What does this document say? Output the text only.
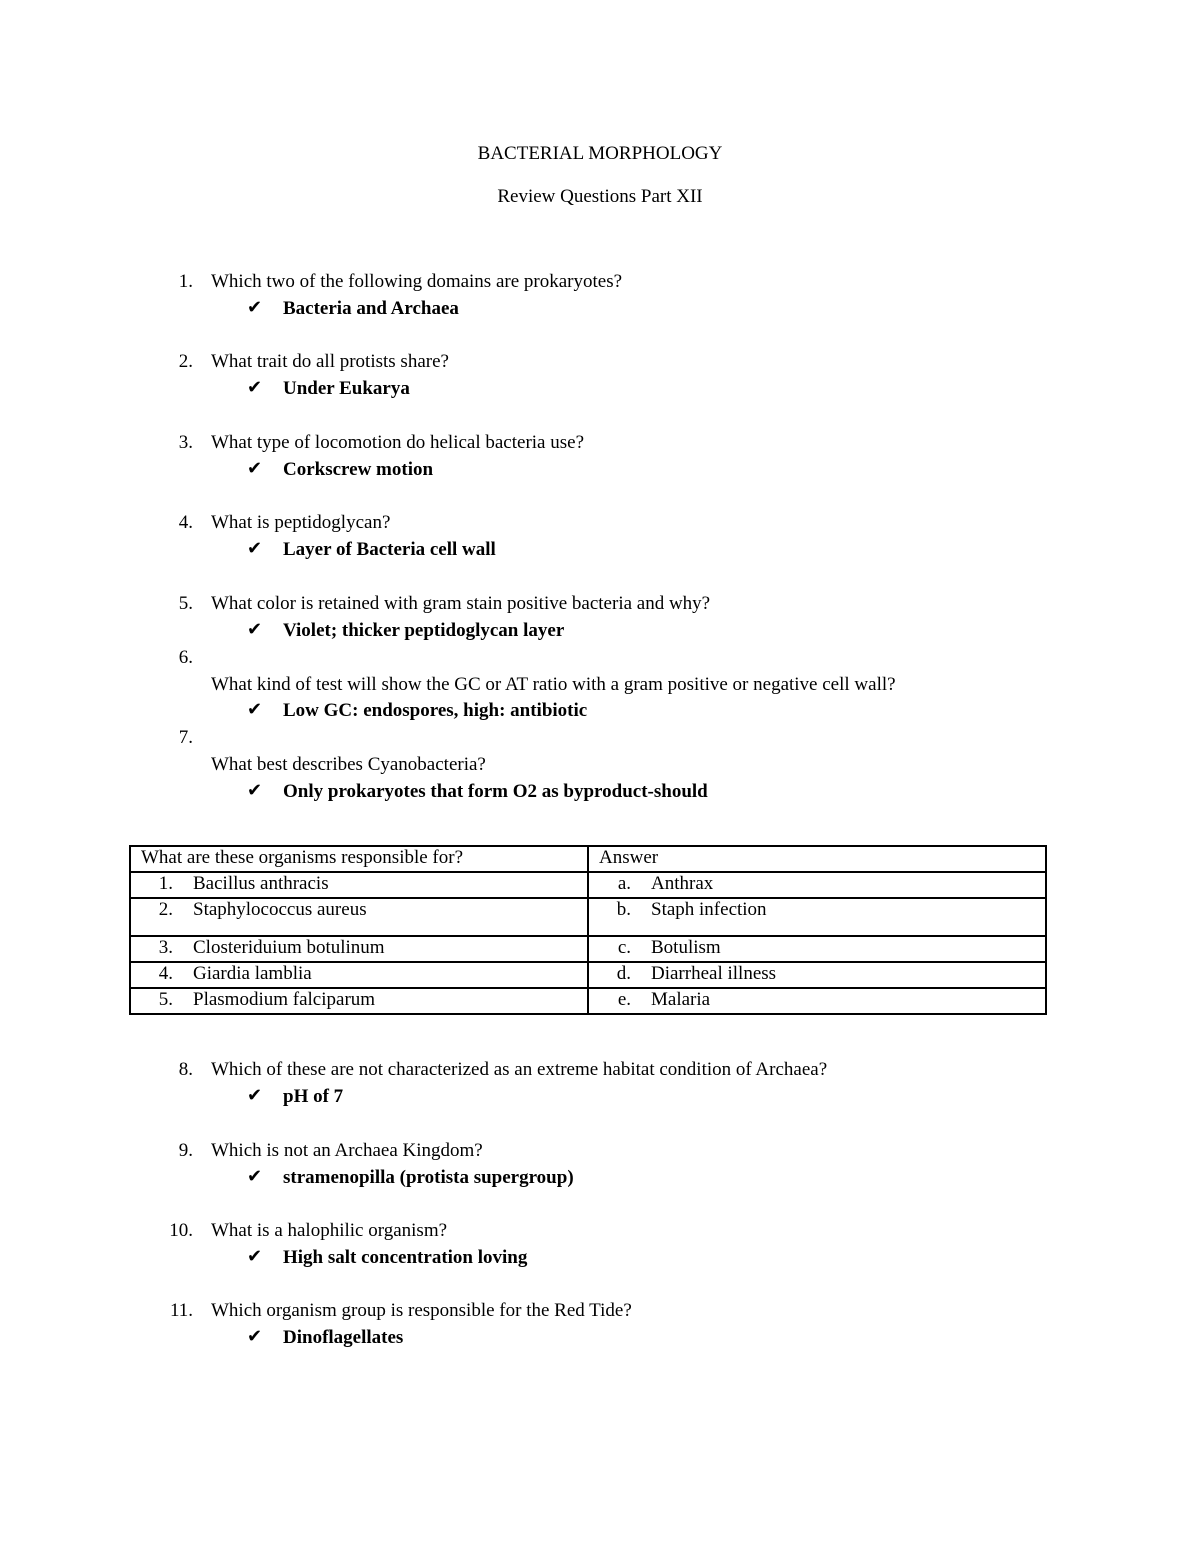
BACTERIAL MORPHOLOGY
Review Questions Part XII
1. Which two of the following domains are prokaryotes?
✔ Bacteria and Archaea
2. What trait do all protists share?
✔ Under Eukarya
3. What type of locomotion do helical bacteria use?
✔ Corkscrew motion
4. What is peptidoglycan?
✔ Layer of Bacteria cell wall
5. What color is retained with gram stain positive bacteria and why?
✔ Violet; thicker peptidoglycan layer
6.
What kind of test will show the GC or AT ratio with a gram positive or negative cell wall?
✔ Low GC: endospores, high: antibiotic
7.
What best describes Cyanobacteria?
✔ Only prokaryotes that form O2 as byproduct-should
What are these organisms responsible for?	Answer
1. Bacillus anthracis	a. Anthrax
2. Staphylococcus aureus	b. Staph infection
3. Closteriduium botulinum	c. Botulism
4. Giardia lamblia	d. Diarrheal illness
5. Plasmodium falciparum	e. Malaria
8. Which of these are not characterized as an extreme habitat condition of Archaea?
✔ pH of 7
9. Which is not an Archaea Kingdom?
✔ stramenopilla (protista supergroup)
10. What is a halophilic organism?
✔ High salt concentration loving
11. Which organism group is responsible for the Red Tide?
✔ Dinoflagellates
